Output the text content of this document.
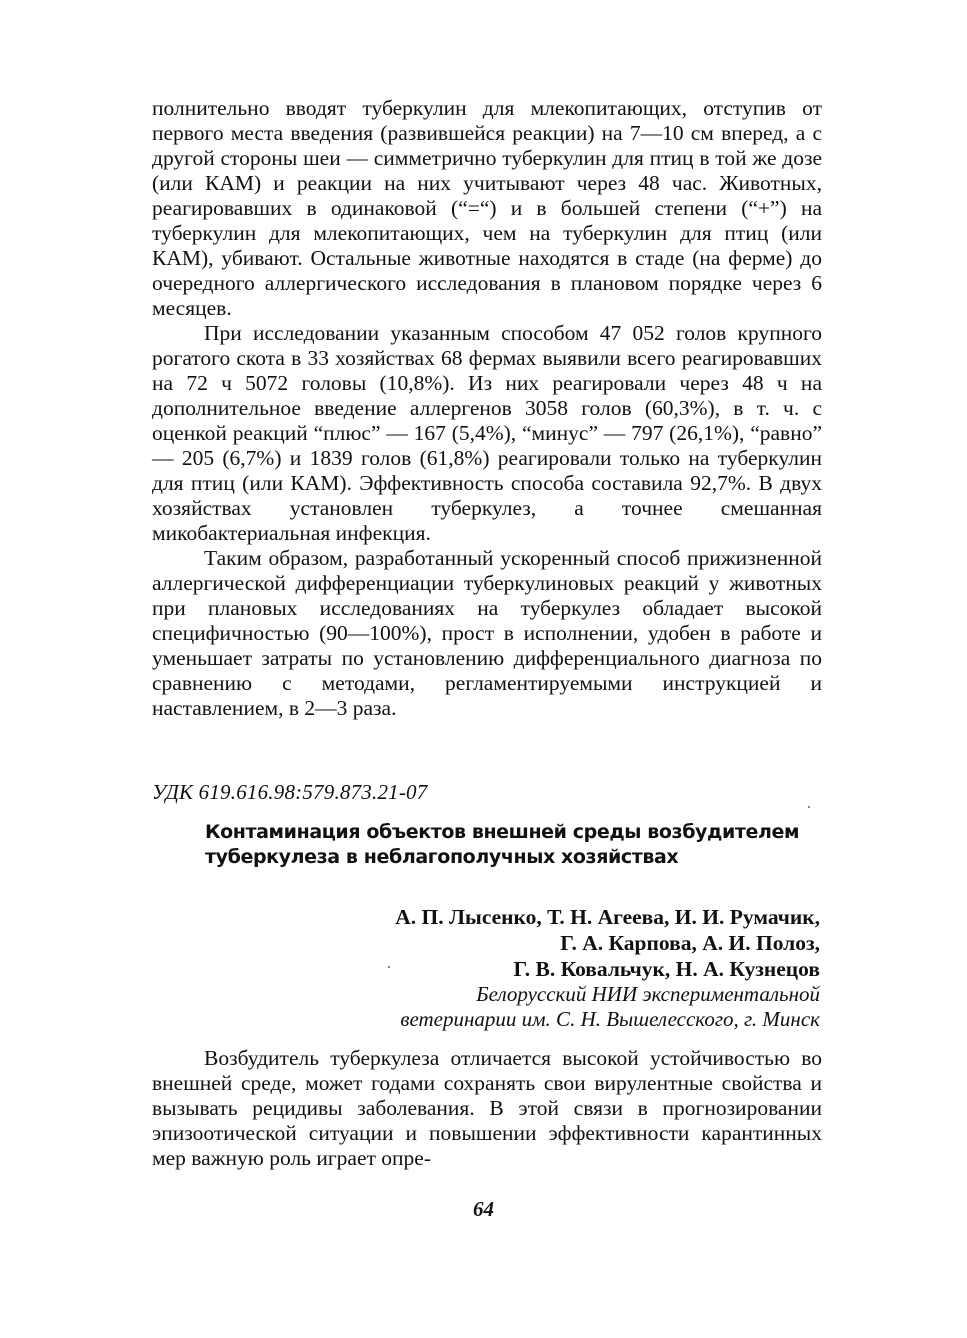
полнительно вводят туберкулин для млекопитающих, отступив от первого места введения (развившейся реакции) на 7—10 см вперед, а с другой стороны шеи — симметрично туберкулин для птиц в той же дозе (или КАМ) и реакции на них учитывают через 48 час. Животных, реагировавших в одинаковой (“=“) и в большей степени (“+”) на туберкулин для млекопитающих, чем на туберкулин для птиц (или КАМ), убивают. Остальные животные находятся в стаде (на ферме) до очередного аллергического исследования в плановом порядке через 6 месяцев.

При исследовании указанным способом 47 052 голов крупного рогатого скота в 33 хозяйствах 68 фермах выявили всего реагировавших на 72 ч 5072 головы (10,8%). Из них реагировали через 48 ч на дополнительное введение аллергенов 3058 голов (60,3%), в т. ч. с оценкой реакций “плюс” — 167 (5,4%), “минус” — 797 (26,1%), “равно” — 205 (6,7%) и 1839 голов (61,8%) реагировали только на туберкулин для птиц (или КАМ). Эффективность способа составила 92,7%. В двух хозяйствах установлен туберкулез, а точнее смешанная микобактериальная инфекция.

Таким образом, разработанный ускоренный способ прижизненной аллергической дифференциации туберкулиновых реакций у животных при плановых исследованиях на туберкулез обладает высокой специфичностью (90—100%), прост в исполнении, удобен в работе и уменьшает затраты по установлению дифференциального диагноза по сравнению с методами, регламентируемыми инструкцией и наставлением, в 2—3 раза.

УДК 619.616.98:579.873.21-07
Контаминация объектов внешней среды возбудителем
туберкулеза в неблагополучных хозяйствах
А. П. Лысенко, Т. Н. Агеева, И. И. Румачик,
Г. А. Карпова, А. И. Полоз,
Г. В. Ковальчук, Н. А. Кузнецов
Белорусский НИИ экспериментальной
ветеринарии им. С. Н. Вышелесского, г. Минск

Возбудитель туберкулеза отличается высокой устойчивостью во внешней среде, может годами сохранять свои вирулентные свойства и вызывать рецидивы заболевания. В этой связи в прогнозировании эпизоотической ситуации и повышении эффективности карантинных мер важную роль играет опре-

64
